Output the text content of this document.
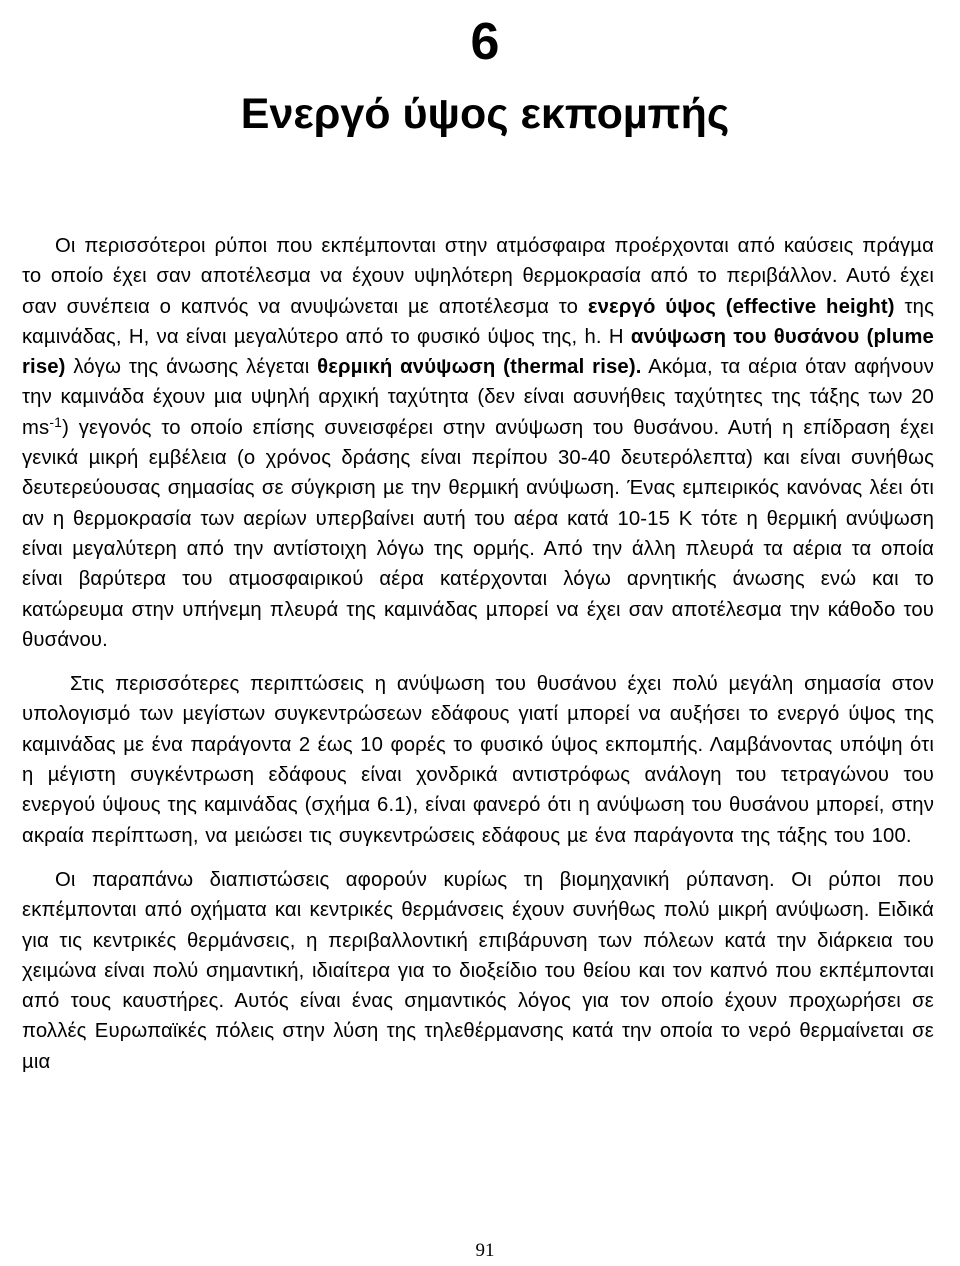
6
Ενεργό ύψος εκποµπής

Οι περισσότεροι ρύποι που εκπέµπονται στην ατµόσφαιρα προέρχονται από καύσεις πράγµα το οποίο έχει σαν αποτέλεσµα να έχουν υψηλότερη θερµοκρασία από το περιβάλλον. Αυτό έχει σαν συνέπεια ο καπνός να ανυψώνεται µε αποτέλεσµα το ενεργό ύψος (effective height) της καµινάδας, H, να είναι µεγαλύτερο από το φυσικό ύψος της, h. Η ανύψωση του θυσάνου (plume rise) λόγω της άνωσης λέγεται θερµική ανύψωση (thermal rise). Ακόµα, τα αέρια όταν αφήνουν την καµινάδα έχουν µια υψηλή αρχική ταχύτητα (δεν είναι ασυνήθεις ταχύτητες της τάξης των 20 $ms^{-1}$) γεγονός το οποίο επίσης συνεισφέρει στην ανύψωση του θυσάνου. Αυτή η επίδραση έχει γενικά µικρή εµβέλεια (ο χρόνος δράσης είναι περίπου 30-40 δευτερόλεπτα) και είναι συνήθως δευτερεύουσας σηµασίας σε σύγκριση µε την θερµική ανύψωση. Ένας εµπειρικός κανόνας λέει ότι αν η θερµοκρασία των αερίων υπερβαίνει αυτή του αέρα κατά 10-15 K τότε η θερµική ανύψωση είναι µεγαλύτερη από την αντίστοιχη λόγω της ορµής. Από την άλλη πλευρά τα αέρια τα οποία είναι βαρύτερα του ατµοσφαιρικού αέρα κατέρχονται λόγω αρνητικής άνωσης ενώ και το κατώρευµα στην υπήνεµη πλευρά της καµινάδας µπορεί να έχει σαν αποτέλεσµα την κάθοδο του θυσάνου.

Στις περισσότερες περιπτώσεις η ανύψωση του θυσάνου έχει πολύ µεγάλη σηµασία στον υπολογισµό των µεγίστων συγκεντρώσεων εδάφους γιατί µπορεί να αυξήσει το ενεργό ύψος της καµινάδας µε ένα παράγοντα 2 έως 10 φορές το φυσικό ύψος εκποµπής. Λαµβάνοντας υπόψη ότι η µέγιστη συγκέντρωση εδάφους είναι χονδρικά αντιστρόφως ανάλογη του τετραγώνου του ενεργού ύψους της καµινάδας (σχήµα 6.1), είναι φανερό ότι η ανύψωση του θυσάνου µπορεί, στην ακραία περίπτωση, να µειώσει τις συγκεντρώσεις εδάφους µε ένα παράγοντα της τάξης του 100.

Οι παραπάνω διαπιστώσεις αφορούν κυρίως τη βιοµηχανική ρύπανση. Οι ρύποι που εκπέµπονται από οχήµατα και κεντρικές θερµάνσεις έχουν συνήθως πολύ µικρή ανύψωση. Ειδικά για τις κεντρικές θερµάνσεις, η περιβαλλοντική επιβάρυνση των πόλεων κατά την διάρκεια του χειµώνα είναι πολύ σηµαντική, ιδιαίτερα για το διοξείδιο του θείου και τον καπνό που εκπέµπονται από τους καυστήρες. Αυτός είναι ένας σηµαντικός λόγος για τον οποίο έχουν προχωρήσει σε πολλές Ευρωπαϊκές πόλεις στην λύση της τηλεθέρµανσης κατά την οποία το νερό θερµαίνεται σε µια

91
